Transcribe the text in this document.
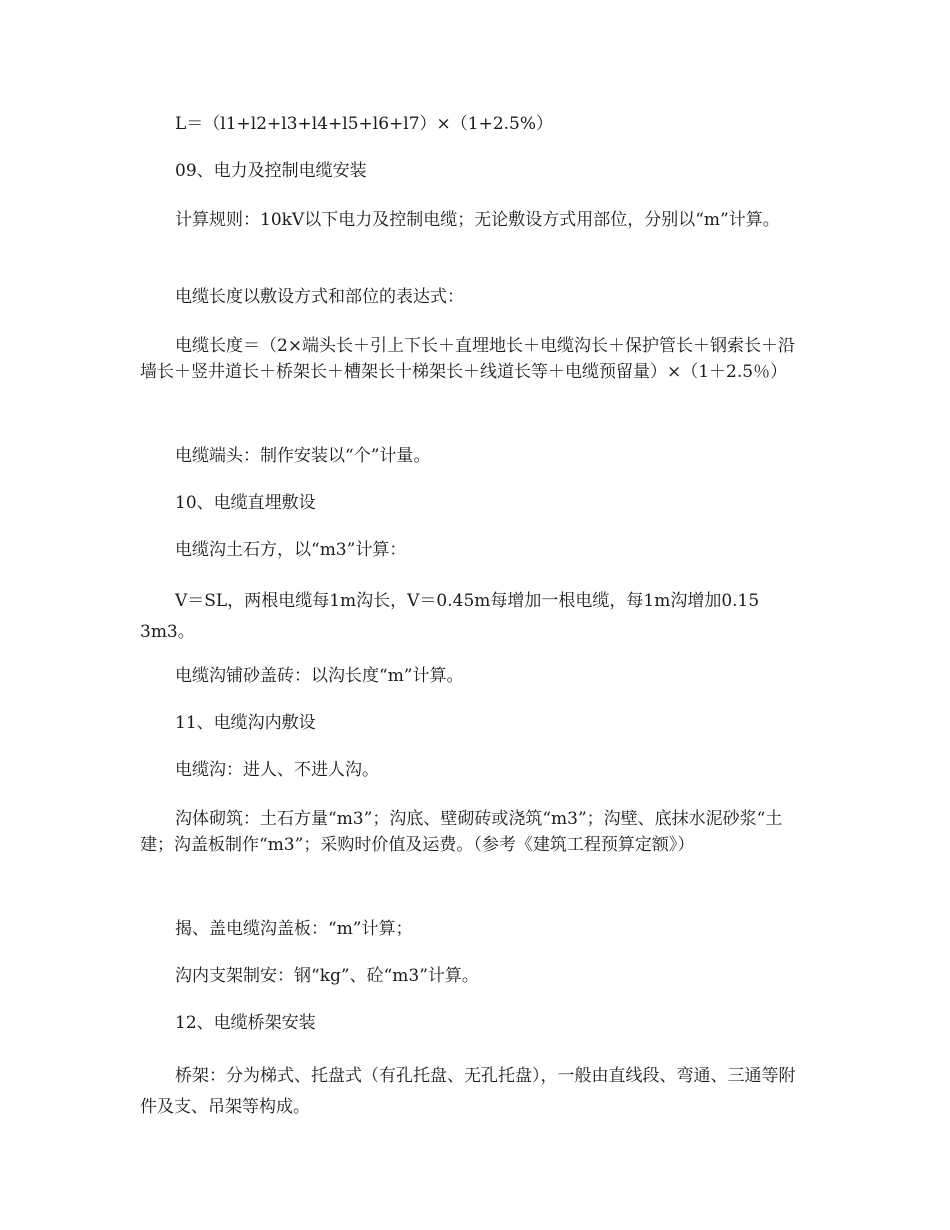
L＝（l1+l2+l3+l4+l5+l6+l7）×（1+2.5%）

09、电力及控制电缆安装

计算规则：10kV以下电力及控制电缆；无论敷设方式用部位，分别以“m”计算。

电缆长度以敷设方式和部位的表达式：

电缆长度＝（2×端头长＋引上下长＋直埋地长＋电缆沟长＋保护管长＋钢索长＋沿墙长＋竖井道长＋桥架长＋槽架长十梯架长＋线道长等＋电缆预留量）×（1＋2.5％）

电缆端头：制作安装以“个”计量。

10、电缆直埋敷设

电缆沟土石方，以“m3”计算：

V＝SL，两根电缆每1m沟长，V＝0.45m每增加一根电缆，每1m沟增加0.153m3。

电缆沟铺砂盖砖：以沟长度“m”计算。

11、电缆沟内敷设

电缆沟：进人、不进人沟。

沟体砌筑：土石方量“m3”；沟底、壁砌砖或浇筑“m3”；沟壁、底抹水泥砂浆“土建；沟盖板制作“m3”；采购时价值及运费。（参考《建筑工程预算定额》）

揭、盖电缆沟盖板：“m”计算；

沟内支架制安：钢“kg”、砼“m3”计算。

12、电缆桥架安装

桥架：分为梯式、托盘式（有孔托盘、无孔托盘），一般由直线段、弯通、三通等附件及支、吊架等构成。
